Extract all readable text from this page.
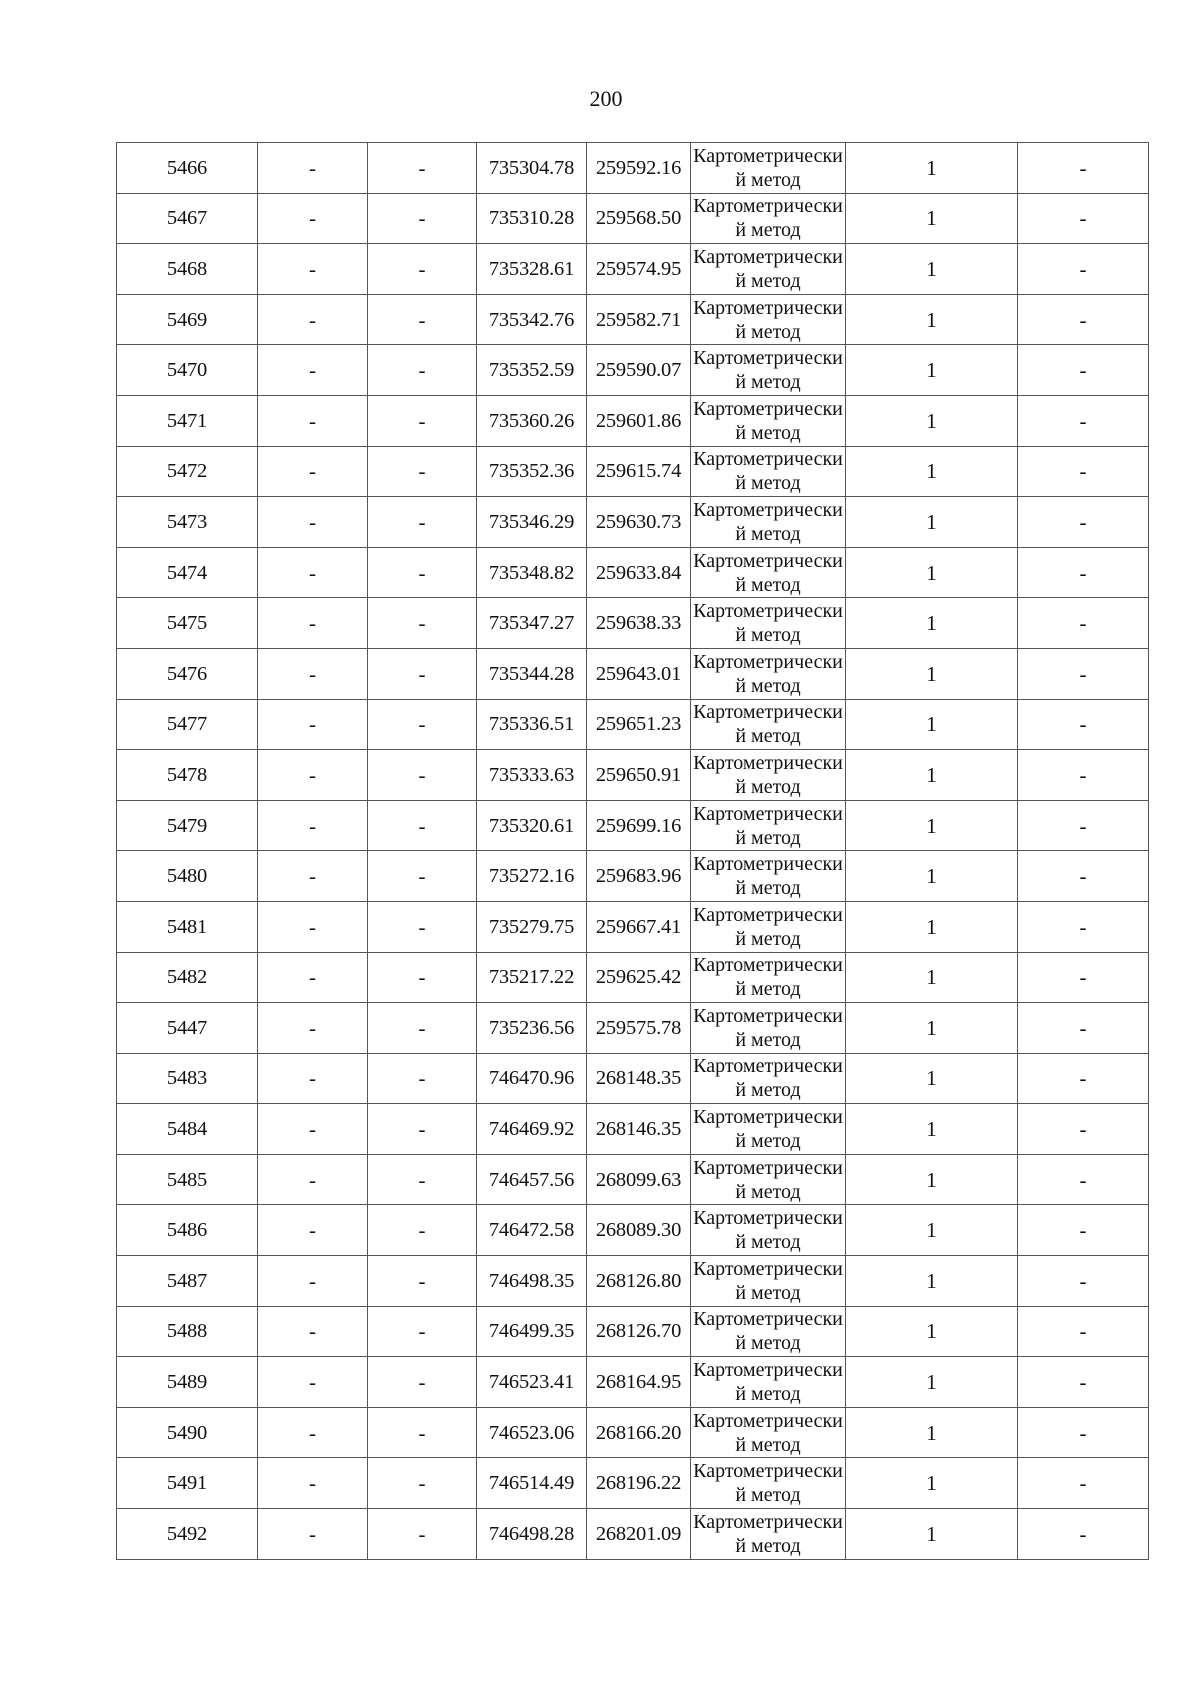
200
5466	-	-	735304.78	259592.16	Картометрический метод	1	-
5467	-	-	735310.28	259568.50	Картометрический метод	1	-
5468	-	-	735328.61	259574.95	Картометрический метод	1	-
5469	-	-	735342.76	259582.71	Картометрический метод	1	-
5470	-	-	735352.59	259590.07	Картометрический метод	1	-
5471	-	-	735360.26	259601.86	Картометрический метод	1	-
5472	-	-	735352.36	259615.74	Картометрический метод	1	-
5473	-	-	735346.29	259630.73	Картометрический метод	1	-
5474	-	-	735348.82	259633.84	Картометрический метод	1	-
5475	-	-	735347.27	259638.33	Картометрический метод	1	-
5476	-	-	735344.28	259643.01	Картометрический метод	1	-
5477	-	-	735336.51	259651.23	Картометрический метод	1	-
5478	-	-	735333.63	259650.91	Картометрический метод	1	-
5479	-	-	735320.61	259699.16	Картометрический метод	1	-
5480	-	-	735272.16	259683.96	Картометрический метод	1	-
5481	-	-	735279.75	259667.41	Картометрический метод	1	-
5482	-	-	735217.22	259625.42	Картометрический метод	1	-
5447	-	-	735236.56	259575.78	Картометрический метод	1	-
5483	-	-	746470.96	268148.35	Картометрический метод	1	-
5484	-	-	746469.92	268146.35	Картометрический метод	1	-
5485	-	-	746457.56	268099.63	Картометрический метод	1	-
5486	-	-	746472.58	268089.30	Картометрический метод	1	-
5487	-	-	746498.35	268126.80	Картометрический метод	1	-
5488	-	-	746499.35	268126.70	Картометрический метод	1	-
5489	-	-	746523.41	268164.95	Картометрический метод	1	-
5490	-	-	746523.06	268166.20	Картометрический метод	1	-
5491	-	-	746514.49	268196.22	Картометрический метод	1	-
5492	-	-	746498.28	268201.09	Картометрический метод	1	-
